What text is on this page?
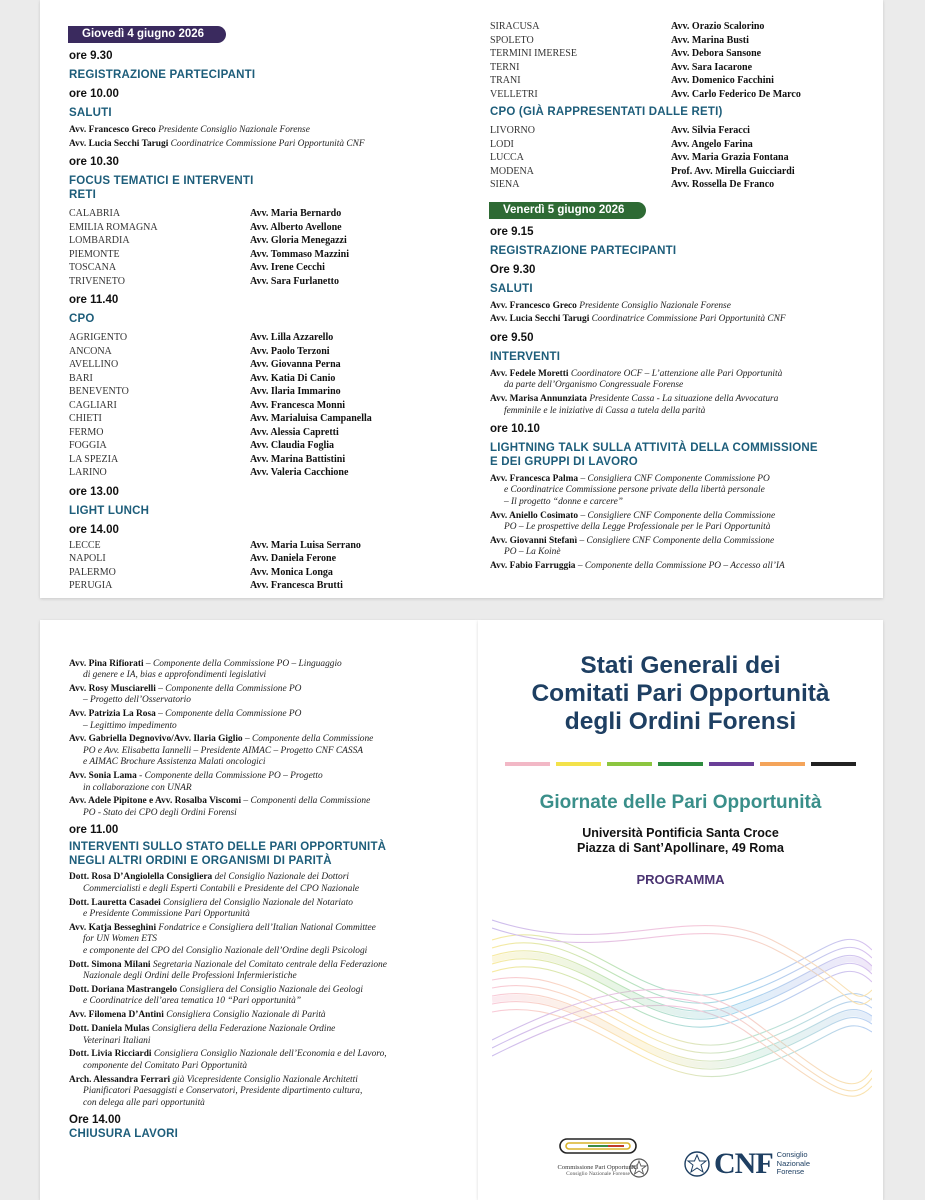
Giovedì 4 giugno 2026
ore 9.30
REGISTRAZIONE PARTECIPANTI
ore 10.00
SALUTI
Avv. Francesco Greco Presidente Consiglio Nazionale Forense
Avv. Lucia Secchi Tarugi Coordinatrice Commissione Pari Opportunità CNF
ore 10.30
FOCUS TEMATICI E INTERVENTI
RETI
CALABRIA	Avv. Maria Bernardo
EMILIA ROMAGNA	Avv. Alberto Avellone
LOMBARDIA	Avv. Gloria Menegazzi
PIEMONTE	Avv. Tommaso Mazzini
TOSCANA	Avv. Irene Cecchi
TRIVENETO	Avv. Sara Furlanetto
ore 11.40
CPO
AGRIGENTO	Avv. Lilla Azzarello
ANCONA	Avv. Paolo Terzoni
AVELLINO	Avv. Giovanna Perna
BARI	Avv. Katia Di Canio
BENEVENTO	Avv. Ilaria Immarino
CAGLIARI	Avv. Francesca Monni
CHIETI	Avv. Marialuisa Campanella
FERMO	Avv. Alessia Capretti
FOGGIA	Avv. Claudia Foglia
LA SPEZIA	Avv. Marina Battistini
LARINO	Avv. Valeria Cacchione
ore 13.00
LIGHT LUNCH
ore 14.00
LECCE	Avv. Maria Luisa Serrano
NAPOLI	Avv. Daniela Ferone
PALERMO	Avv. Monica Longa
PERUGIA	Avv. Francesca Brutti
SIRACUSA	Avv. Orazio Scalorino
SPOLETO	Avv. Marina Busti
TERMINI IMERESE	Avv. Debora Sansone
TERNI	Avv. Sara Iacarone
TRANI	Avv. Domenico Facchini
VELLETRI	Avv. Carlo Federico De Marco
CPO (GIÀ RAPPRESENTATI DALLE RETI)
LIVORNO	Avv. Silvia Feracci
LODI	Avv. Angelo Farina
LUCCA	Avv. Maria Grazia Fontana
MODENA	Prof. Avv. Mirella Guicciardi
SIENA	Avv. Rossella De Franco
Venerdì 5 giugno 2026
ore 9.15
REGISTRAZIONE PARTECIPANTI
Ore 9.30
SALUTI
Avv. Francesco Greco Presidente Consiglio Nazionale Forense
Avv. Lucia Secchi Tarugi Coordinatrice Commissione Pari Opportunità CNF
ore 9.50
INTERVENTI
Avv. Fedele Moretti Coordinatore OCF – L’attenzione alle Pari Opportunità
da parte dell’Organismo Congressuale Forense
Avv. Marisa Annunziata Presidente Cassa - La situazione della Avvocatura
femminile e le iniziative di Cassa a tutela della parità
ore 10.10
LIGHTNING TALK SULLA ATTIVITÀ DELLA COMMISSIONE
E DEI GRUPPI DI LAVORO
Avv. Francesca Palma – Consigliera CNF Componente Commissione PO
e Coordinatrice Commissione persone private della libertà personale
– Il progetto “donne e carcere”
Avv. Aniello Cosimato – Consigliere CNF Componente della Commissione
PO – Le prospettive della Legge Professionale per le Pari Opportunità
Avv. Giovanni Stefanì – Consigliere CNF Componente della Commissione
PO – La Koinè
Avv. Fabio Farruggia – Componente della Commissione PO – Accesso all’IA
Avv. Pina Rifiorati – Componente della Commissione PO – Linguaggio
di genere e IA, bias e approfondimenti legislativi
Avv. Rosy Musciarelli – Componente della Commissione PO
– Progetto dell’Osservatorio
Avv. Patrizia La Rosa – Componente della Commissione PO
– Legittimo impedimento
Avv. Gabriella Degnovivo/Avv. Ilaria Giglio – Componente della Commissione
PO e Avv. Elisabetta Iannelli – Presidente AIMAC – Progetto CNF CASSA
e AIMAC Brochure Assistenza Malati oncologici
Avv. Sonia Lama - Componente della Commissione PO – Progetto
in collaborazione con UNAR
Avv. Adele Pipitone e Avv. Rosalba Viscomi – Componenti della Commissione
PO - Stato dei CPO degli Ordini Forensi
ore 11.00
INTERVENTI SULLO STATO DELLE PARI OPPORTUNITÀ
NEGLI ALTRI ORDINI E ORGANISMI DI PARITÀ
Dott. Rosa D’Angiolella Consigliera del Consiglio Nazionale dei Dottori
Commercialisti e degli Esperti Contabili e Presidente del CPO Nazionale
Dott. Lauretta Casadei Consigliera del Consiglio Nazionale del Notariato
e Presidente Commissione Pari Opportunità
Avv. Katja Besseghini Fondatrice e Consigliera dell’Italian National Committee
for UN Women ETS
e componente del CPO del Consiglio Nazionale dell’Ordine degli Psicologi
Dott. Simona Milani Segretaria Nazionale del Comitato centrale della Federazione
Nazionale degli Ordini delle Professioni Infermieristiche
Dott. Doriana Mastrangelo Consigliera del Consiglio Nazionale dei Geologi
e Coordinatrice dell’area tematica 10 “Pari opportunità”
Avv. Filomena D’Antini Consigliera Consiglio Nazionale di Parità
Dott. Daniela Mulas Consigliera della Federazione Nazionale Ordine
Veterinari Italiani
Dott. Livia Ricciardi Consigliera Consiglio Nazionale dell’Economia e del Lavoro,
componente del Comitato Pari Opportunità
Arch. Alessandra Ferrari già Vicepresidente Consiglio Nazionale Architetti
Pianificatori Paesaggisti e Conservatori, Presidente dipartimento cultura,
con delega alle pari opportunità
Ore 14.00
CHIUSURA LAVORI
Stati Generali dei
Comitati Pari Opportunità
degli Ordini Forensi
Giornate delle Pari Opportunità
Università Pontificia Santa Croce
Piazza di Sant’Apollinare, 49 Roma
PROGRAMMA
Commissione Pari Opportunità
Consiglio Nazionale Forense	CNF Consiglio
Nazionale
Forense
